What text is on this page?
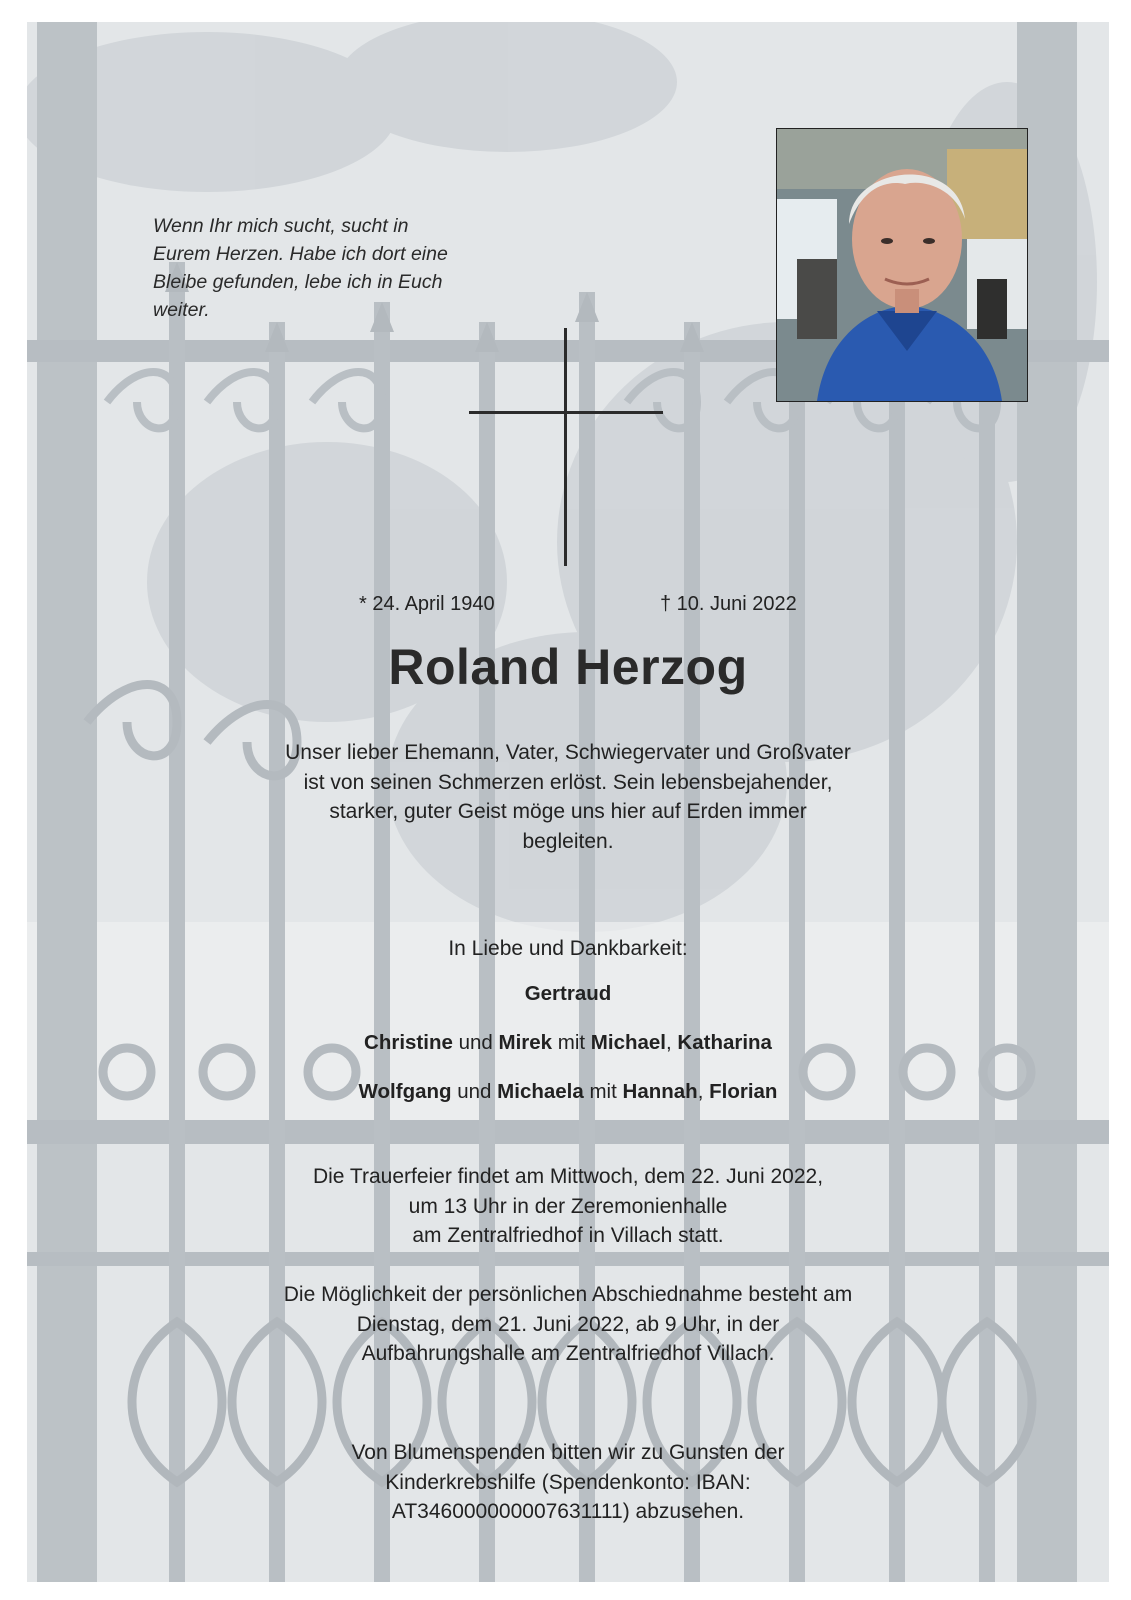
Wenn Ihr mich sucht, sucht in
Eurem Herzen. Habe ich dort eine
Bleibe gefunden, lebe ich in Euch
weiter.

* 24. April 1940	† 10. Juni 2022

Roland Herzog
Unser lieber Ehemann, Vater, Schwiegervater und Großvater
ist von seinen Schmerzen erlöst. Sein lebensbejahender,
starker, guter Geist möge uns hier auf Erden immer
begleiten.

In Liebe und Dankbarkeit:

Gertraud

Christine und Mirek mit Michael, Katharina

Wolfgang und Michaela mit Hannah, Florian

Die Trauerfeier findet am Mittwoch, dem 22. Juni 2022,
um 13 Uhr in der Zeremonienhalle
am Zentralfriedhof in Villach statt.
Die Möglichkeit der persönlichen Abschiednahme besteht am
Dienstag, dem 21. Juni 2022, ab 9 Uhr, in der
Aufbahrungshalle am Zentralfriedhof Villach.
Von Blumenspenden bitten wir zu Gunsten der
Kinderkrebshilfe (Spendenkonto: IBAN:
AT346000000007631111) abzusehen.
